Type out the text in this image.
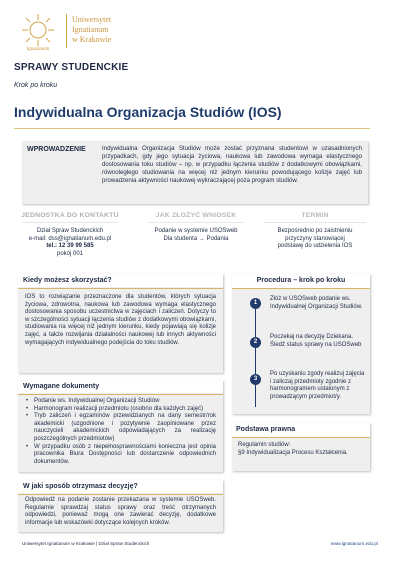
Ignatianum
Uniwersytet
Ignatianum
w Krakowie
SPRAWY STUDENCKIE
Krok po kroku
Indywidualna Organizacja Studiów (IOS)
WPROWADZENIE	Indywidualna Organizacja Studiów może zostać przyznana studentowi w uzasadnionych przypadkach, gdy jego sytuacja życiowa, naukowa lub zawodowa wymaga elastycznego dostosowania toku studiów – np. w przypadku łączenia studiów z dodatkowymi obowiązkami, równoległego studiowania na więcej niż jednym kierunku powodującego kolizje zajęć lub prowadzenia aktywności naukowej wykraczającej poza program studiów.
JEDNOSTKA DO KONTAKTU
Dział Spraw Studenckich
e-mail: dss@ignatianum.edu.pl
tel.: 12 39 99 585
pokój 001
JAK ZŁOŻYĆ WNIOSEK
Podanie w systemie USOSweb
Dla studenta → Podania
TERMIN
Bezpośrednio po zaistnieniu
przyczyny stanowiącej
podstawę do udzielenia IOS
Kiedy możesz skorzystać?
IOS to rozwiązanie przeznaczone dla studentów, których sytuacja życiowa, zdrowotna, naukowa lub zawodowa wymaga elastycznego dostosowania sposobu uczestnictwa w zajęciach i zaliczeń. Dotyczy to w szczególności sytuacji łączenia studiów z dodatkowymi obowiązkami, studiowania na więcej niż jednym kierunku, kiedy pojawiają się kolizje zajęć, a także rozwijania działalności naukowej lub innych aktywności wymagających indywidualnego podejścia do toku studiów.
Wymagane dokumenty
• Podanie ws. Indywidualnej Organizacji Studiów
• Harmonogram realizacji przedmiotu (osobno dla każdych zajęć)
• Tryb zaliczeń i egzaminów przewidzianych na dany semestr/rok akademicki (uzgodnione i pozytywnie zaopiniowane przez nauczycieli akademickich odpowiadających za realizację poszczególnych przedmiotów)
• W przypadku osób z niepełnosprawnościami konieczna jest opinia pracownika Biura Dostępności lub dostarczenie odpowiednich dokumentów.
W jaki sposób otrzymasz decyzję?
Odpowiedź na podanie zostanie przekazana w systemie USOSweb. Regularnie sprawdzaj status sprawy oraz treść otrzymanych odpowiedzi, ponieważ mogą one zawierać decyzję, dodatkowe informacje lub wskazówki dotyczące kolejnych kroków.
Procedura – krok po kroku
1
Złóż w USOSweb podanie ws. Indywidualnej Organizacji Studiów.
2
Poczekaj na decyzję Dziekana. Śledź status sprawy na USOSweb
3
Po uzyskaniu zgody realizuj zajęcia i zaliczaj przedmioty zgodnie z harmonogramem ustalonym z prowadzącym przedmiot/y.
Podstawa prawna
Regulamin studiów:
§9 Indywidualizacja Procesu Kształcenia.
Uniwersytet Ignatianum w Krakowie | Dział Spraw Studenckich	www.ignatianum.edu.pl
